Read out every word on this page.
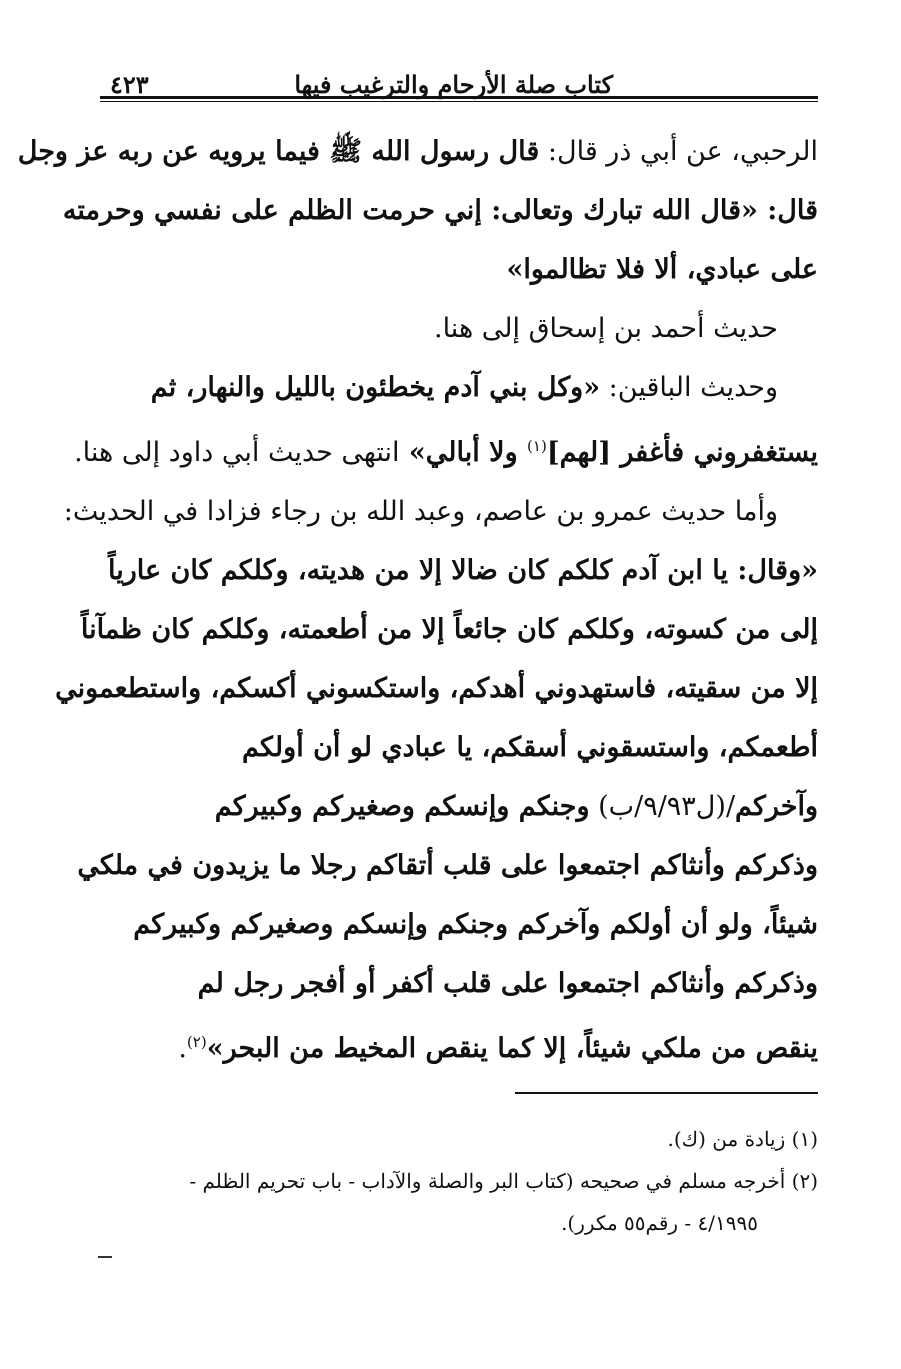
كتاب صلة الأرحام والترغيب فيها
٤٢٣
الرحبي، عن أبي ذر قال: قال رسول الله ﷺ فيما يرويه عن ربه عز وجل
قال: «قال الله تبارك وتعالى: إني حرمت الظلم على نفسي وحرمته
على عبادي، ألا فلا تظالموا»
حديث أحمد بن إسحاق إلى هنا.
وحديث الباقين: «وكل بني آدم يخطئون بالليل والنهار، ثم
يستغفروني فأغفر [لهم]$^{(١)}$ ولا أبالي» انتهى حديث أبي داود إلى هنا.
وأما حديث عمرو بن عاصم، وعبد الله بن رجاء فزادا في الحديث:
«وقال: يا ابن آدم كلكم كان ضالا إلا من هديته، وكلكم كان عارياً
إلى من كسوته، وكلكم كان جائعاً إلا من أطعمته، وكلكم كان ظمآناً
إلا من سقيته، فاستهدوني أهدكم، واستكسوني أكسكم، واستطعموني
أطعمكم، واستسقوني أسقكم، يا عبادي لو أن أولكم
وآخركم/(ل٩/٩٣/ب) وجنكم وإنسكم وصغيركم وكبيركم
وذكركم وأنثاكم اجتمعوا على قلب أتقاكم رجلا ما يزيدون في ملكي
شيئاً، ولو أن أولكم وآخركم وجنكم وإنسكم وصغيركم وكبيركم
وذكركم وأنثاكم اجتمعوا على قلب أكفر أو أفجر رجل لم
ينقص من ملكي شيئاً، إلا كما ينقص المخيط من البحر»$^{(٢)}$.
(١) زيادة من (ك).
(٢) أخرجه مسلم في صحيحه (كتاب البر والصلة والآداب - باب تحريم الظلم -
٤/١٩٩٥ - رقم٥٥ مكرر).
